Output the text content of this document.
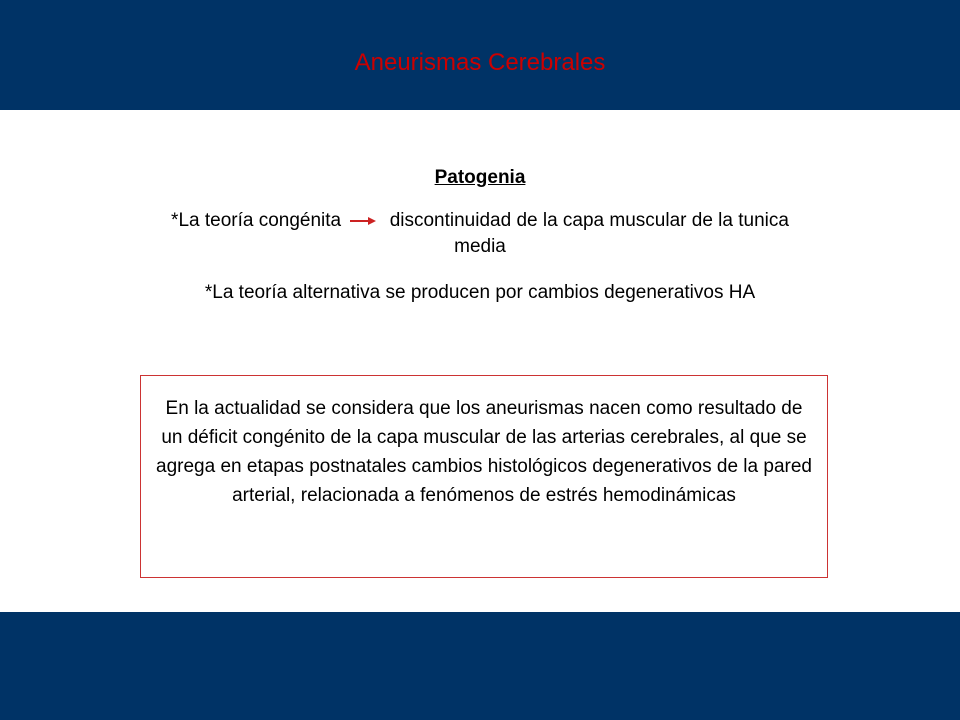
Aneurismas Cerebrales
Patogenia
*La teoría congénita	discontinuidad de la capa muscular de la tunica media
*La teoría alternativa se producen por cambios degenerativos HA
En la actualidad se considera que los aneurismas nacen como resultado de un déficit congénito de la capa muscular de las arterias cerebrales, al que se agrega en etapas postnatales cambios histológicos degenerativos de la pared arterial, relacionada a fenómenos de estrés hemodinámicas
